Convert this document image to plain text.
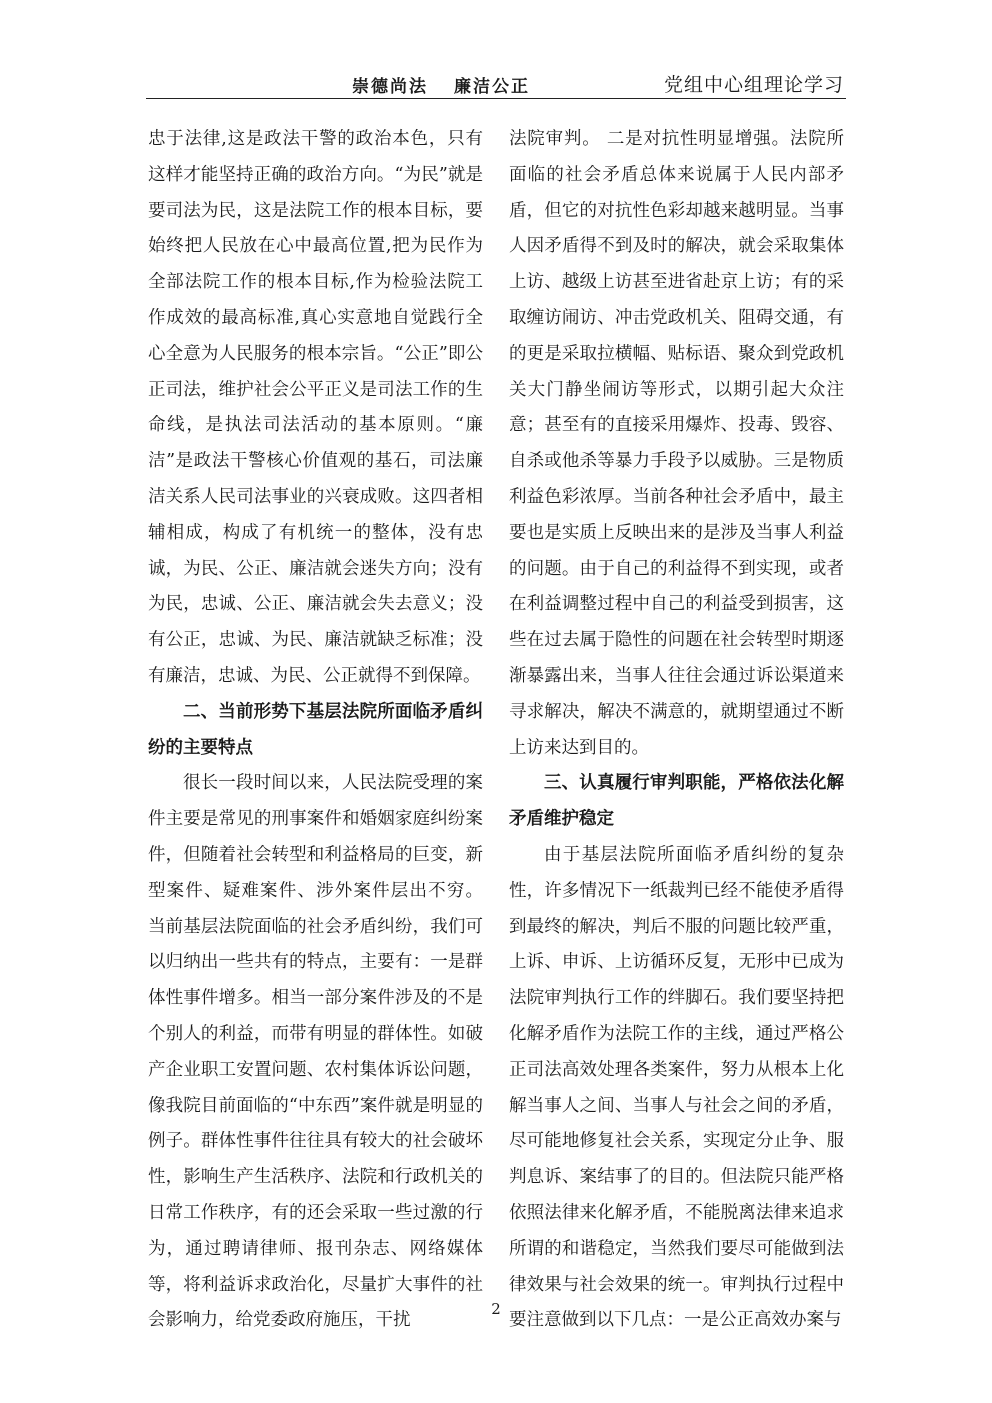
崇德尚法 廉洁公正	党组中心组理论学习

忠于法律,这是政法干警的政治本色，只有这样才能坚持正确的政治方向。“为民”就是要司法为民，这是法院工作的根本目标，要始终把人民放在心中最高位置,把为民作为全部法院工作的根本目标,作为检验法院工作成效的最高标准,真心实意地自觉践行全心全意为人民服务的根本宗旨。“公正”即公正司法，维护社会公平正义是司法工作的生命线，是执法司法活动的基本原则。“廉洁”是政法干警核心价值观的基石，司法廉洁关系人民司法事业的兴衰成败。这四者相辅相成，构成了有机统一的整体，没有忠诚，为民、公正、廉洁就会迷失方向；没有为民，忠诚、公正、廉洁就会失去意义；没有公正，忠诚、为民、廉洁就缺乏标准；没有廉洁，忠诚、为民、公正就得不到保障。

二、当前形势下基层法院所面临矛盾纠纷的主要特点

很长一段时间以来，人民法院受理的案件主要是常见的刑事案件和婚姻家庭纠纷案件，但随着社会转型和利益格局的巨变，新型案件、疑难案件、涉外案件层出不穷。 当前基层法院面临的社会矛盾纠纷，我们可以归纳出一些共有的特点，主要有：一是群体性事件增多。相当一部分案件涉及的不是个别人的利益，而带有明显的群体性。如破产企业职工安置问题、农村集体诉讼问题，像我院目前面临的“中东西”案件就是明显的例子。群体性事件往往具有较大的社会破坏性，影响生产生活秩序、法院和行政机关的日常工作秩序，有的还会采取一些过激的行为，通过聘请律师、报刊杂志、网络媒体等，将利益诉求政治化，尽量扩大事件的社会影响力，给党委政府施压，干扰

法院审判。 二是对抗性明显增强。法院所面临的社会矛盾总体来说属于人民内部矛盾，但它的对抗性色彩却越来越明显。当事人因矛盾得不到及时的解决，就会采取集体上访、越级上访甚至进省赴京上访；有的采取缠访闹访、冲击党政机关、阻碍交通，有的更是采取拉横幅、贴标语、聚众到党政机关大门静坐闹访等形式，以期引起大众注意；甚至有的直接采用爆炸、投毒、毁容、自杀或他杀等暴力手段予以威胁。三是物质利益色彩浓厚。当前各种社会矛盾中，最主要也是实质上反映出来的是涉及当事人利益的问题。由于自己的利益得不到实现，或者在利益调整过程中自己的利益受到损害，这些在过去属于隐性的问题在社会转型时期逐渐暴露出来，当事人往往会通过诉讼渠道来寻求解决，解决不满意的，就期望通过不断上访来达到目的。

三、认真履行审判职能，严格依法化解矛盾维护稳定

由于基层法院所面临矛盾纠纷的复杂性，许多情况下一纸裁判已经不能使矛盾得到最终的解决，判后不服的问题比较严重，上诉、申诉、上访循环反复，无形中已成为法院审判执行工作的绊脚石。我们要坚持把化解矛盾作为法院工作的主线，通过严格公正司法高效处理各类案件，努力从根本上化解当事人之间、当事人与社会之间的矛盾，尽可能地修复社会关系，实现定分止争、服判息诉、案结事了的目的。但法院只能严格依照法律来化解矛盾，不能脱离法律来追求所谓的和谐稳定，当然我们要尽可能做到法律效果与社会效果的统一。审判执行过程中要注意做到以下几点：一是公正高效办案与

2
